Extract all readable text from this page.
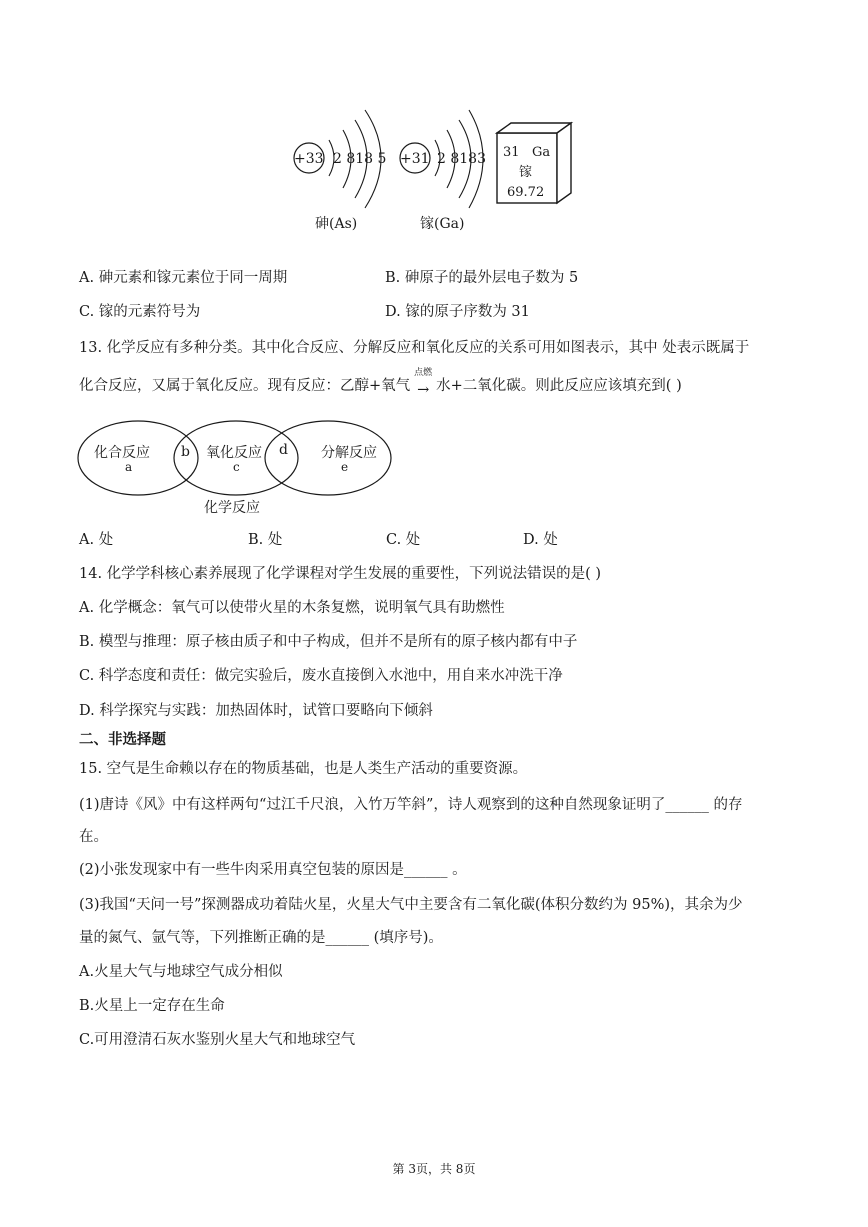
+33 2 818 5
砷(As)
+31 2 8183
镓(Ga)
31 Ga
镓
69.72
A. 砷元素和镓元素位于同一周期	B. 砷原子的最外层电子数为 5
C. 镓的元素符号为	D. 镓的原子序数为 31
13. 化学反应有多种分类。其中化合反应、分解反应和氧化反应的关系可用如图表示，其中 处表示既属于
化合反应，又属于氧化反应。现有反应：乙醇+氧气
点燃
→ 水+二氧化碳。则此反应应该填充到( )
化合反应
a
b 氧化反应
c
d 分解反应
e
化学反应
A. 处	B. 处	C. 处	D. 处
14. 化学学科核心素养展现了化学课程对学生发展的重要性，下列说法错误的是( )
A. 化学概念：氧气可以使带火星的木条复燃，说明氧气具有助燃性
B. 模型与推理：原子核由质子和中子构成，但并不是所有的原子核内都有中子
C. 科学态度和责任：做完实验后，废水直接倒入水池中，用自来水冲洗干净
D. 科学探究与实践：加热固体时，试管口要略向下倾斜
二、非选择题
15. 空气是生命赖以存在的物质基础，也是人类生产活动的重要资源。
(1)唐诗《风》中有这样两句“过江千尺浪，入竹万竿斜”，诗人观察到的这种自然现象证明了______ 的存
在。
(2)小张发现家中有一些牛肉采用真空包装的原因是______ 。
(3)我国“天问一号”探测器成功着陆火星，火星大气中主要含有二氧化碳(体积分数约为 95%)，其余为少
量的氮气、氩气等，下列推断正确的是______ (填序号)。
A.火星大气与地球空气成分相似
B.火星上一定存在生命
C.可用澄清石灰水鉴别火星大气和地球空气
第 3页，共 8页
